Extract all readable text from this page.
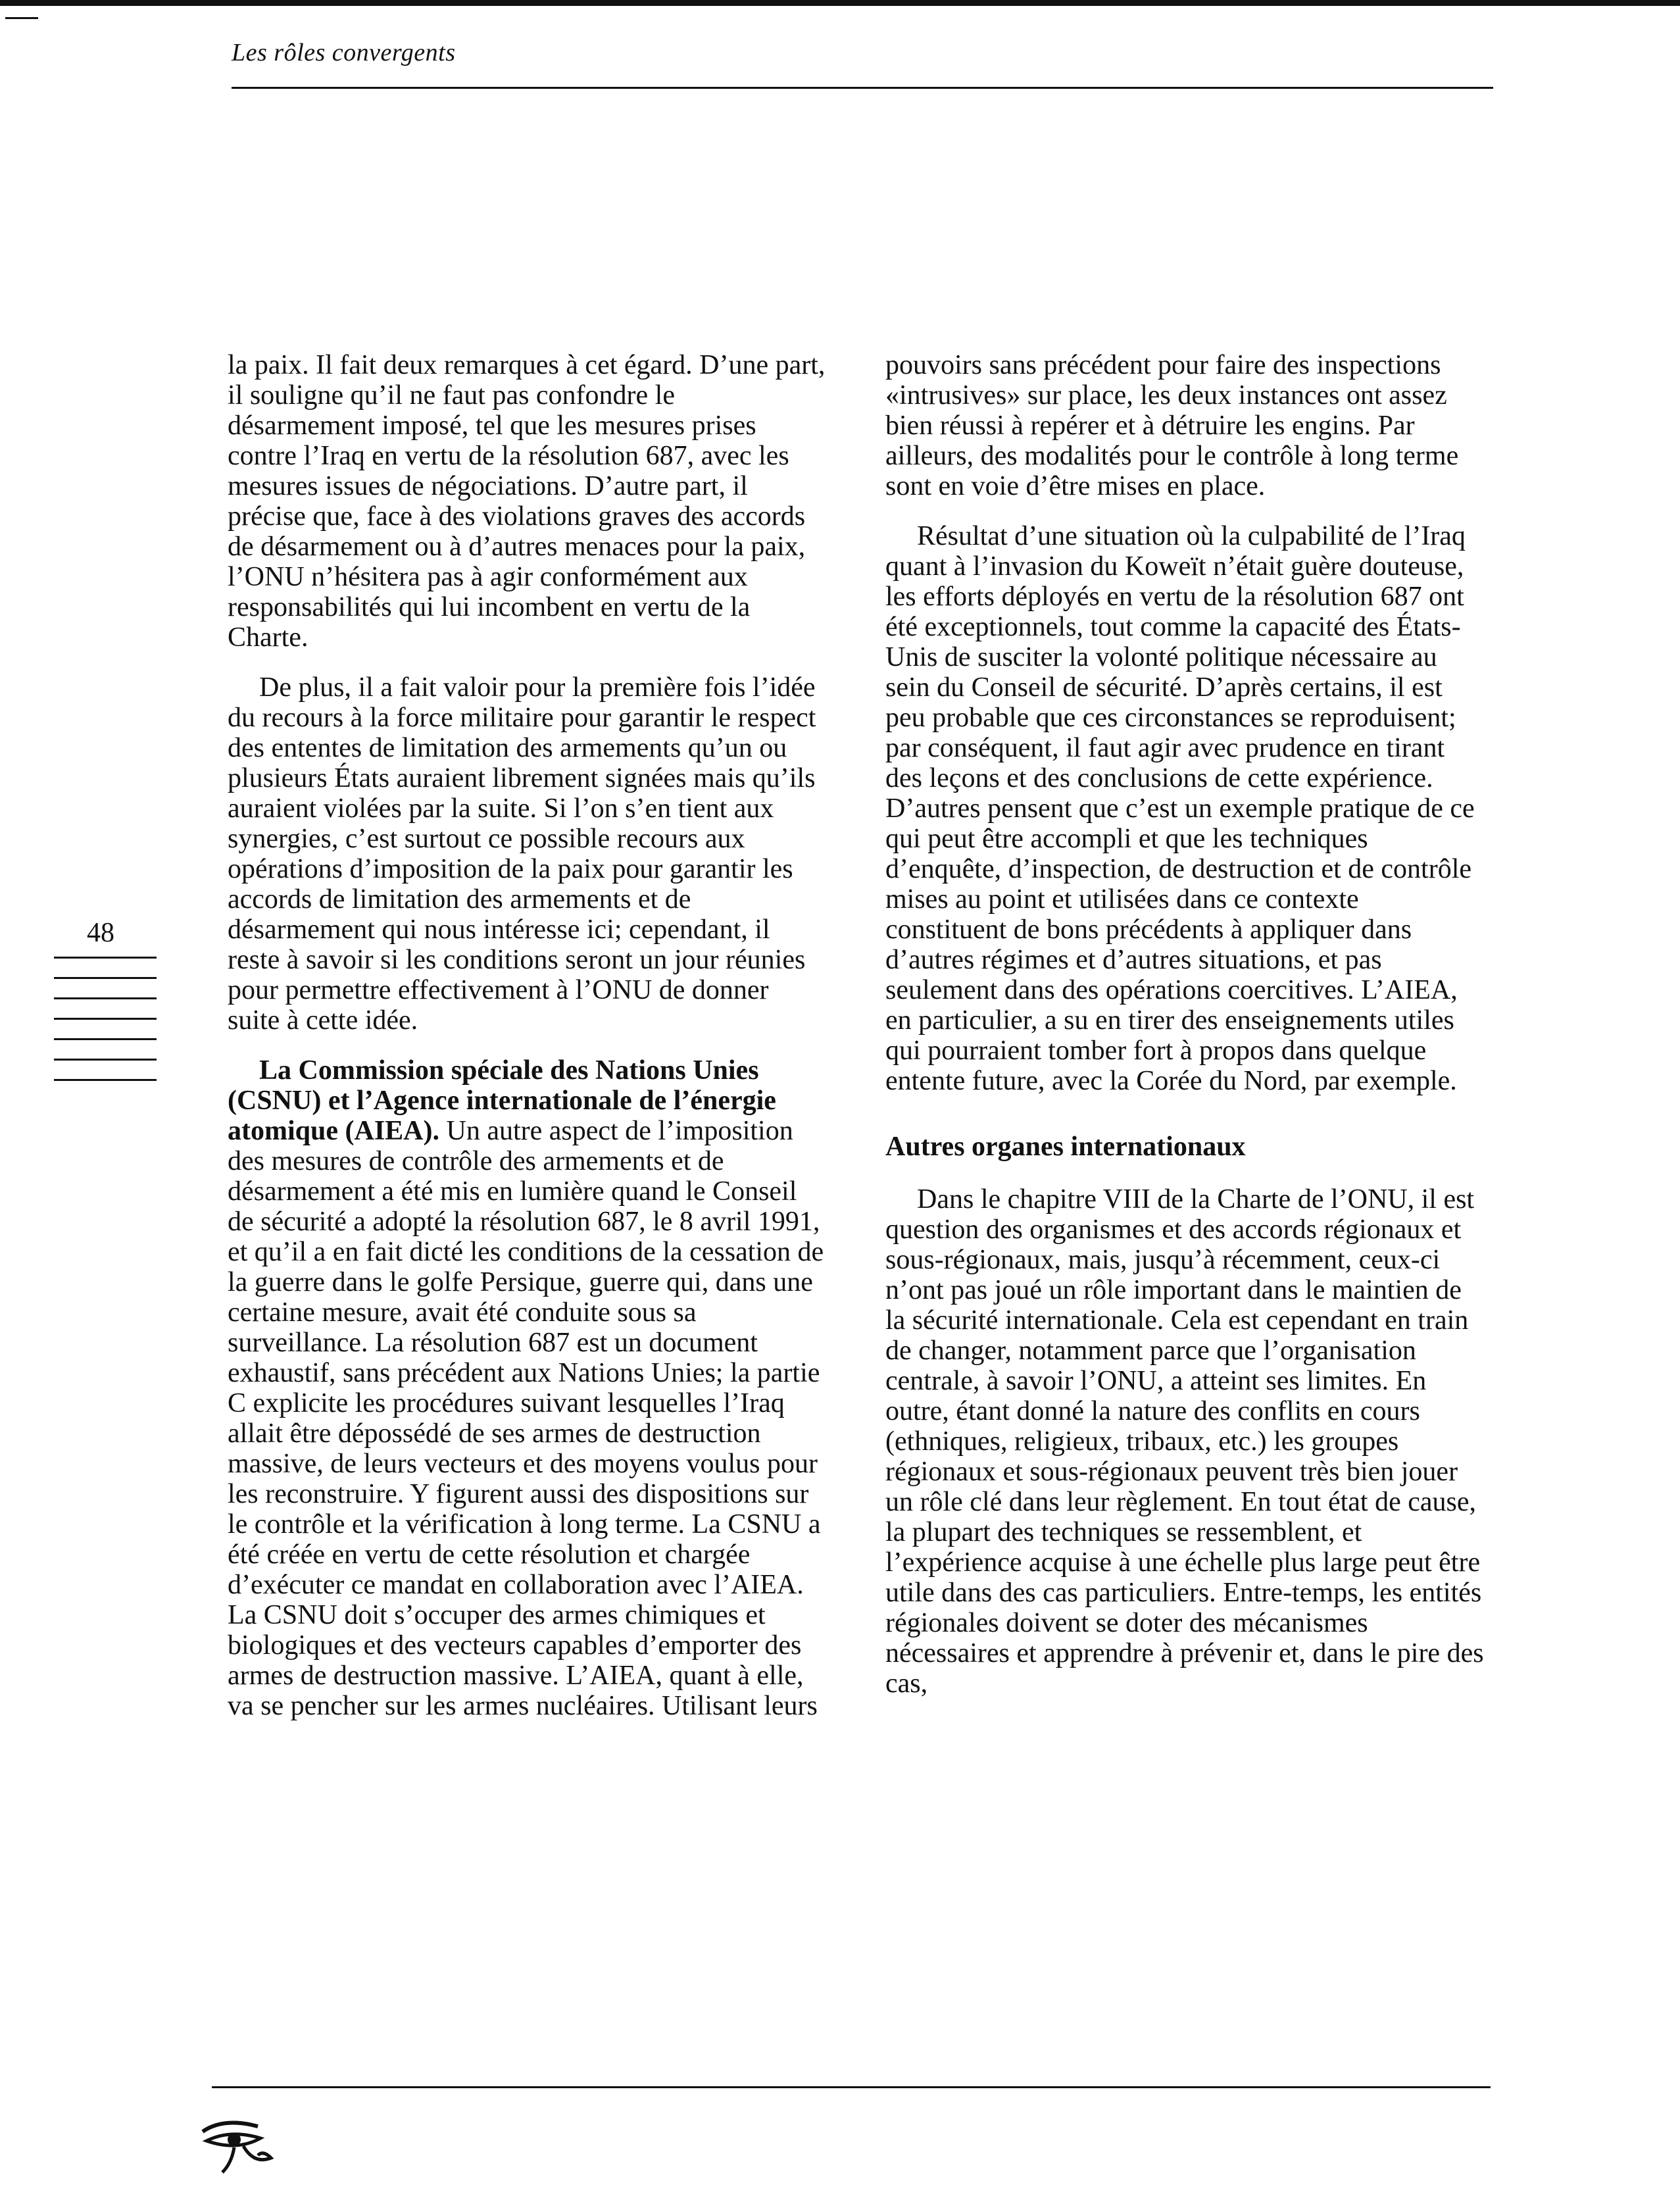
Les rôles convergents

la paix. Il fait deux remarques à cet égard. D’une part, il souligne qu’il ne faut pas confondre le désarmement imposé, tel que les mesures prises contre l’Iraq en vertu de la résolution 687, avec les mesures issues de négociations. D’autre part, il précise que, face à des violations graves des accords de désarmement ou à d’autres menaces pour la paix, l’ONU n’hésitera pas à agir conformément aux responsabilités qui lui incombent en vertu de la Charte.

De plus, il a fait valoir pour la première fois l’idée du recours à la force militaire pour garantir le respect des ententes de limitation des armements qu’un ou plusieurs États auraient librement signées mais qu’ils auraient violées par la suite. Si l’on s’en tient aux synergies, c’est surtout ce possible recours aux opérations d’imposition de la paix pour garantir les accords de limitation des armements et de désarmement qui nous intéresse ici; cependant, il reste à savoir si les conditions seront un jour réunies pour permettre effectivement à l’ONU de donner suite à cette idée.

La Commission spéciale des Nations Unies (CSNU) et l’Agence internationale de l’énergie atomique (AIEA). Un autre aspect de l’imposition des mesures de contrôle des armements et de désarmement a été mis en lumière quand le Conseil de sécurité a adopté la résolution 687, le 8 avril 1991, et qu’il a en fait dicté les conditions de la cessation de la guerre dans le golfe Persique, guerre qui, dans une certaine mesure, avait été conduite sous sa surveillance. La résolution 687 est un document exhaustif, sans précédent aux Nations Unies; la partie C explicite les procédures suivant lesquelles l’Iraq allait être dépossédé de ses armes de destruction massive, de leurs vecteurs et des moyens voulus pour les reconstruire. Y figurent aussi des dispositions sur le contrôle et la vérification à long terme. La CSNU a été créée en vertu de cette résolution et chargée d’exécuter ce mandat en collaboration avec l’AIEA. La CSNU doit s’occuper des armes chimiques et biologiques et des vecteurs capables d’emporter des armes de destruction massive. L’AIEA, quant à elle, va se pencher sur les armes nucléaires. Utilisant leurs

pouvoirs sans précédent pour faire des inspections «intrusives» sur place, les deux instances ont assez bien réussi à repérer et à détruire les engins. Par ailleurs, des modalités pour le contrôle à long terme sont en voie d’être mises en place.

Résultat d’une situation où la culpabilité de l’Iraq quant à l’invasion du Koweït n’était guère douteuse, les efforts déployés en vertu de la résolution 687 ont été exceptionnels, tout comme la capacité des États-Unis de susciter la volonté politique nécessaire au sein du Conseil de sécurité. D’après certains, il est peu probable que ces circonstances se reproduisent; par conséquent, il faut agir avec prudence en tirant des leçons et des conclusions de cette expérience. D’autres pensent que c’est un exemple pratique de ce qui peut être accompli et que les techniques d’enquête, d’inspection, de destruction et de contrôle mises au point et utilisées dans ce contexte constituent de bons précédents à appliquer dans d’autres régimes et d’autres situations, et pas seulement dans des opérations coercitives. L’AIEA, en particulier, a su en tirer des enseignements utiles qui pourraient tomber fort à propos dans quelque entente future, avec la Corée du Nord, par exemple.

Autres organes internationaux

Dans le chapitre VIII de la Charte de l’ONU, il est question des organismes et des accords régionaux et sous-régionaux, mais, jusqu’à récemment, ceux-ci n’ont pas joué un rôle important dans le maintien de la sécurité internationale. Cela est cependant en train de changer, notamment parce que l’organisation centrale, à savoir l’ONU, a atteint ses limites. En outre, étant donné la nature des conflits en cours (ethniques, religieux, tribaux, etc.) les groupes régionaux et sous-régionaux peuvent très bien jouer un rôle clé dans leur règlement. En tout état de cause, la plupart des techniques se ressemblent, et l’expérience acquise à une échelle plus large peut être utile dans des cas particuliers. Entre-temps, les entités régionales doivent se doter des mécanismes nécessaires et apprendre à prévenir et, dans le pire des cas,

48
